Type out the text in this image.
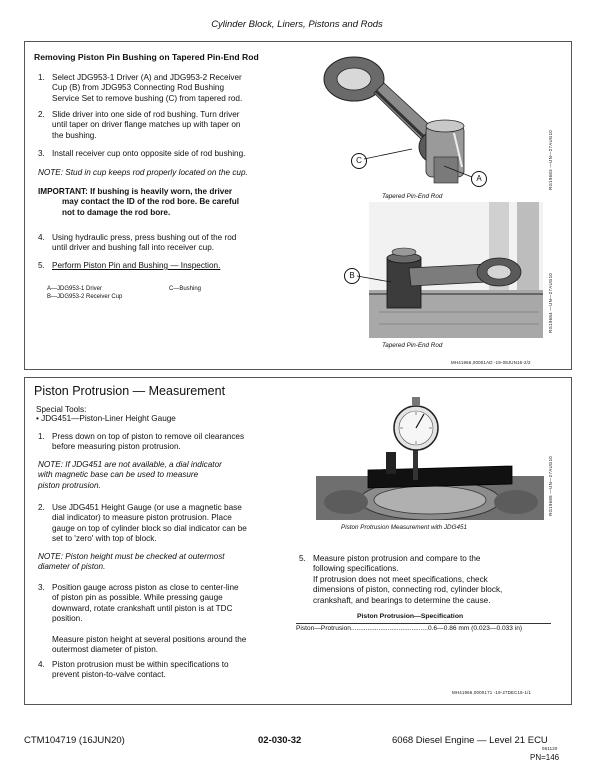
Cylinder Block, Liners, Pistons and Rods
Removing Piston Pin Bushing on Tapered Pin-End Rod
1. Select JDG953-1 Driver (A) and JDG953-2 Receiver
Cup (B) from JDG953 Connecting Rod Bushing
Service Set to remove bushing (C) from tapered rod.
2. Slide driver into one side of rod bushing. Turn driver
until taper on driver flange matches up with taper on
the bushing.
3. Install receiver cup onto opposite side of rod bushing.
NOTE: Stud in cup keeps rod properly located on the cup.
IMPORTANT: If bushing is heavily worn, the driver
may contact the ID of the rod bore. Be careful
not to damage the rod bore.
4. Using hydraulic press, press bushing out of the rod
until driver and bushing fall into receiver cup.
5. Perform Piston Pin and Bushing — Inspection.
A—JDG953-1 Driver
B—JDG953-2 Receiver Cup
C—Bushing
C
A
Tapered Pin-End Rod
RG19683 —UN—27AUG10
B
Tapered Pin-End Rod
RG19684 —UN—27AUG10
MH41966,00001AD -19-08JUN16-2/2
Piston Protrusion — Measurement
Special Tools:
• JDG451—Piston-Liner Height Gauge
1. Press down on top of piston to remove oil clearances
before measuring piston protrusion.
NOTE: If JDG451 are not available, a dial indicator
with magnetic base can be used to measure
piston protrusion.
2. Use JDG451 Height Gauge (or use a magnetic base
dial indicator) to measure piston protrusion. Place
gauge on top of cylinder block so dial indicator can be
set to 'zero' with top of block.
NOTE: Piston height must be checked at outermost
diameter of piston.
3. Position gauge across piston as close to center-line
of piston pin as possible. While pressing gauge
downward, rotate crankshaft until piston is at TDC
position.

Measure piston height at several positions around the
outermost diameter of piston.
4. Piston protrusion must be within specifications to
prevent piston-to-valve contact.
Piston Protrusion Measurement with JDG451
RG19685 —UN—27AUG10
5. Measure piston protrusion and compare to the
following specifications.
If protrusion does not meet specifications, check
dimensions of piston, connecting rod, cylinder block,
crankshaft, and bearings to determine the cause.
Piston Protrusion—Specification
Piston—Protrusion..........................................0.6—0.86 mm (0.023—0.033 in)
MH41966,0000171 -19-27DEC16-1/1
CTM104719 (16JUN20)	02-030-32	6068 Diesel Engine — Level 21 ECU
061120
PN=146
